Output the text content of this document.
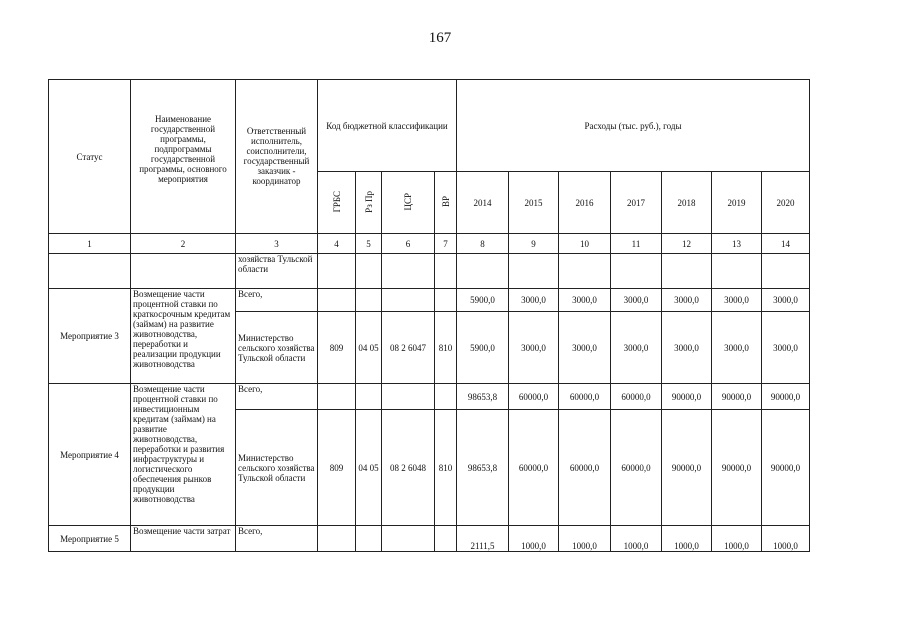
167
Статус	Наименование государственной программы, подпрограммы государственной программы, основного мероприятия	Ответственный исполнитель, соисполнители, государственный заказчик - координатор	Код бюджетной классификации				Расходы (тыс. руб.), годы						
			ГРБС	Рз Пр	ЦСР	ВР	2014	2015	2016	2017	2018	2019	2020
1	2	3	4	5	6	7	8	9	10	11	12	13	14
		хозяйства Тульской области											
Мероприятие 3	Возмещение части процентной ставки по краткосрочным кредитам (займам) на развитие животноводства, переработки и реализации продукции животноводства	Всего,					5900,0	3000,0	3000,0	3000,0	3000,0	3000,0	3000,0
		Министерство сельского хозяйства Тульской области	809	04 05	08 2 6047	810	5900,0	3000,0	3000,0	3000,0	3000,0	3000,0	3000,0
Мероприятие 4	Возмещение части процентной ставки по инвестиционным кредитам (займам) на развитие животноводства, переработки и развития инфраструктуры и логистического обеспечения рынков продукции животноводства	Всего,					98653,8	60000,0	60000,0	60000,0	90000,0	90000,0	90000,0
		Министерство сельского хозяйства Тульской области	809	04 05	08 2 6048	810	98653,8	60000,0	60000,0	60000,0	90000,0	90000,0	90000,0
Мероприятие 5	Возмещение части затрат	Всего,					2111,5	1000,0	1000,0	1000,0	1000,0	1000,0	1000,0
